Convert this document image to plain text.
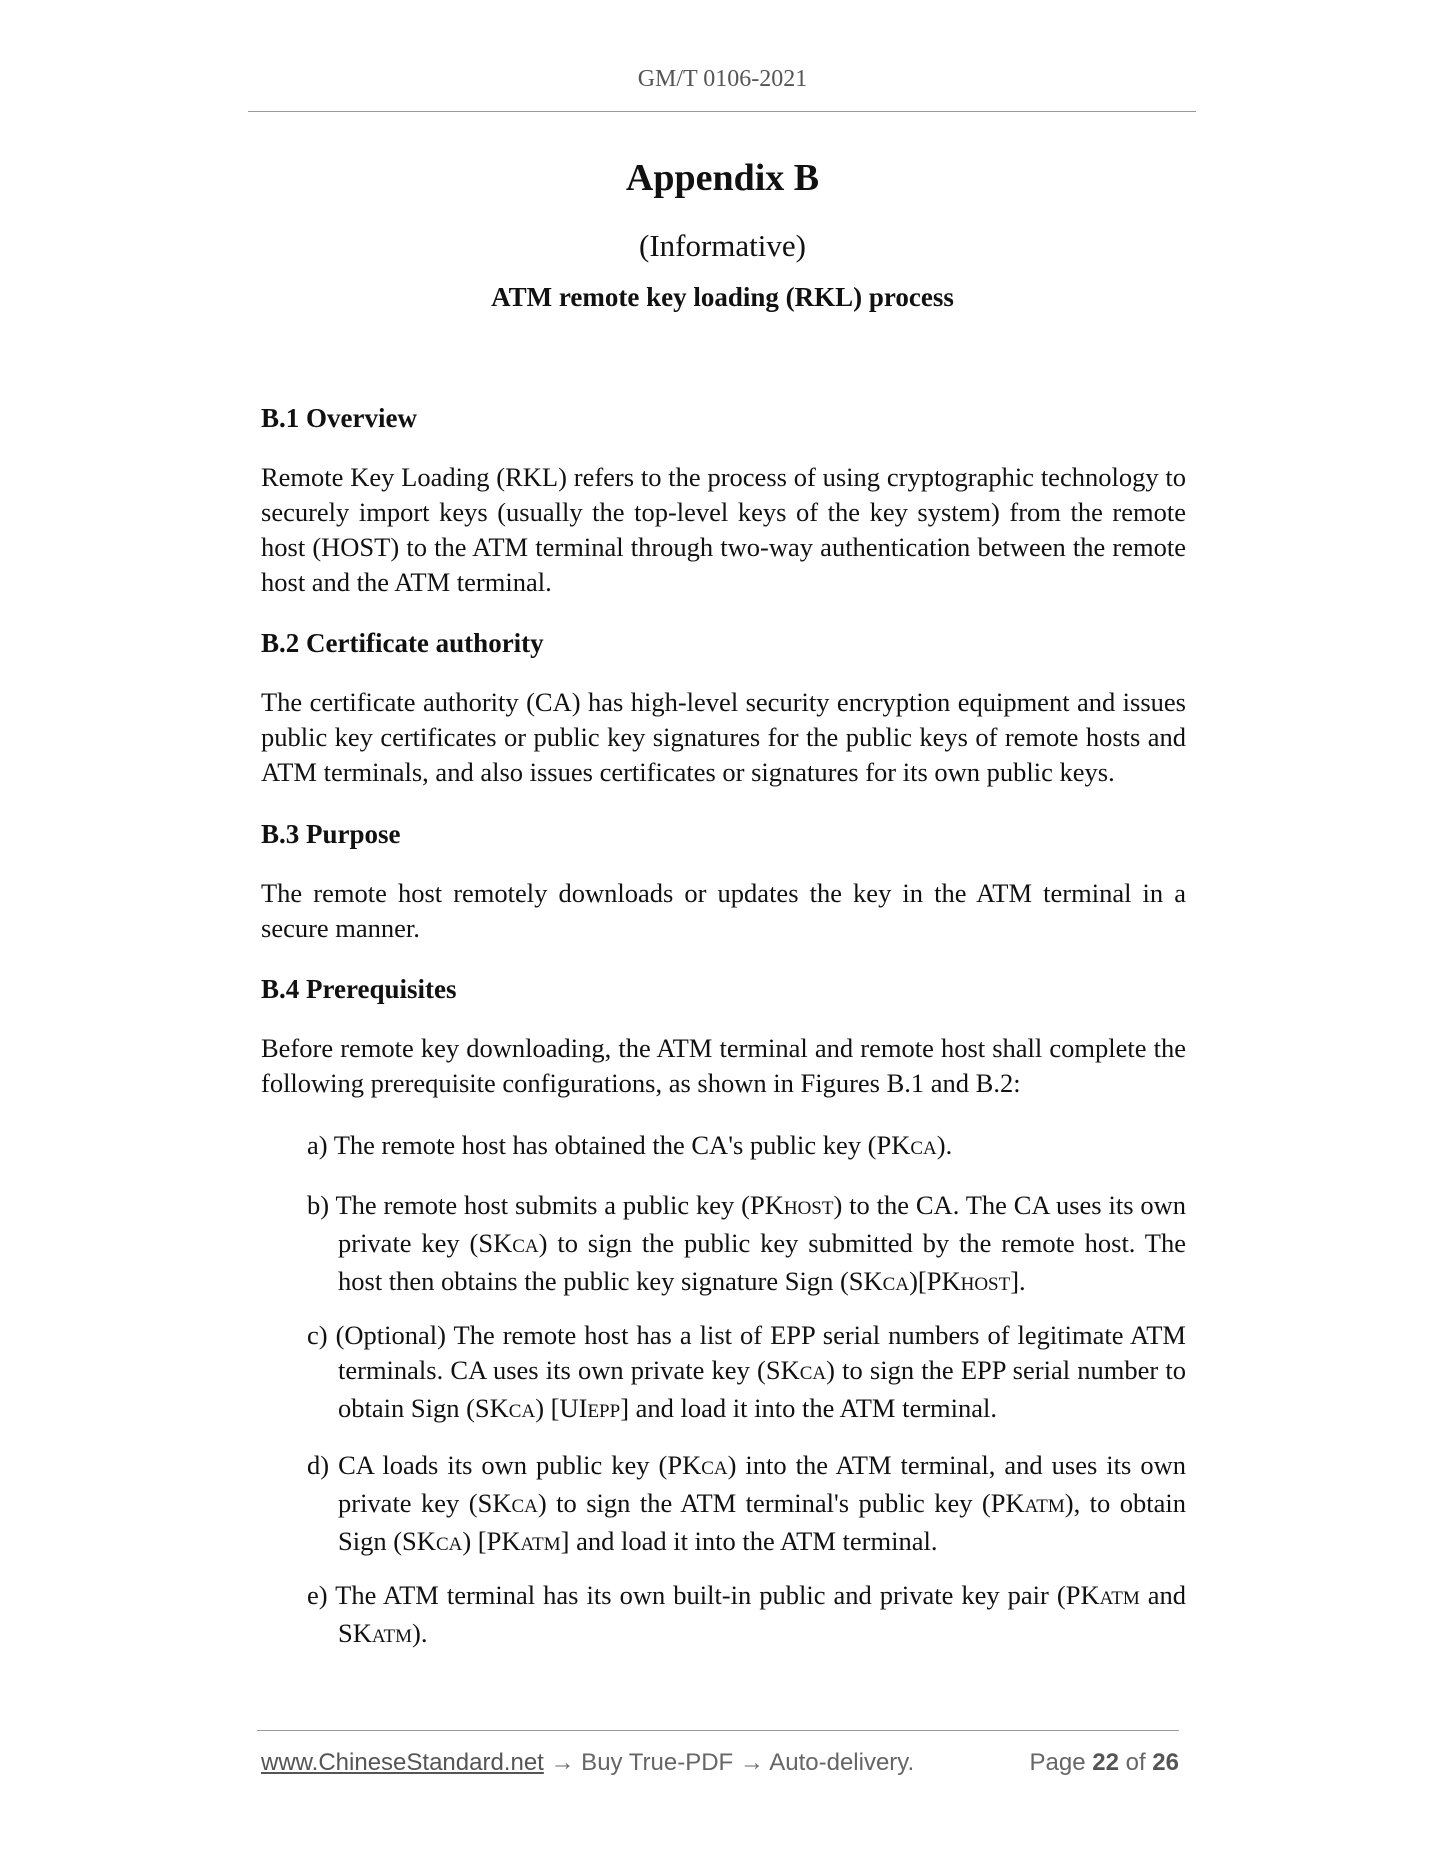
GM/T 0106-2021
Appendix B
(Informative)
ATM remote key loading (RKL) process
B.1 Overview

Remote Key Loading (RKL) refers to the process of using cryptographic technology to securely import keys (usually the top-level keys of the key system) from the remote host (HOST) to the ATM terminal through two-way authentication between the remote host and the ATM terminal.

B.2 Certificate authority

The certificate authority (CA) has high-level security encryption equipment and issues public key certificates or public key signatures for the public keys of remote hosts and ATM terminals, and also issues certificates or signatures for its own public keys.

B.3 Purpose

The remote host remotely downloads or updates the key in the ATM terminal in a secure manner.

B.4 Prerequisites

Before remote key downloading, the ATM terminal and remote host shall complete the following prerequisite configurations, as shown in Figures B.1 and B.2:

a) The remote host has obtained the CA's public key (PKCA).

b) The remote host submits a public key (PKHOST) to the CA. The CA uses its own private key (SKCA) to sign the public key submitted by the remote host. The host then obtains the public key signature Sign (SKCA)[PKHOST].

c) (Optional) The remote host has a list of EPP serial numbers of legitimate ATM terminals. CA uses its own private key (SKCA) to sign the EPP serial number to obtain Sign (SKCA) [UIEPP] and load it into the ATM terminal.

d) CA loads its own public key (PKCA) into the ATM terminal, and uses its own private key (SKCA) to sign the ATM terminal's public key (PKATM), to obtain Sign (SKCA) [PKATM] and load it into the ATM terminal.

e) The ATM terminal has its own built-in public and private key pair (PKATM and SKATM).

www.ChineseStandard.net → Buy True-PDF → Auto-delivery.	Page 22 of 26
